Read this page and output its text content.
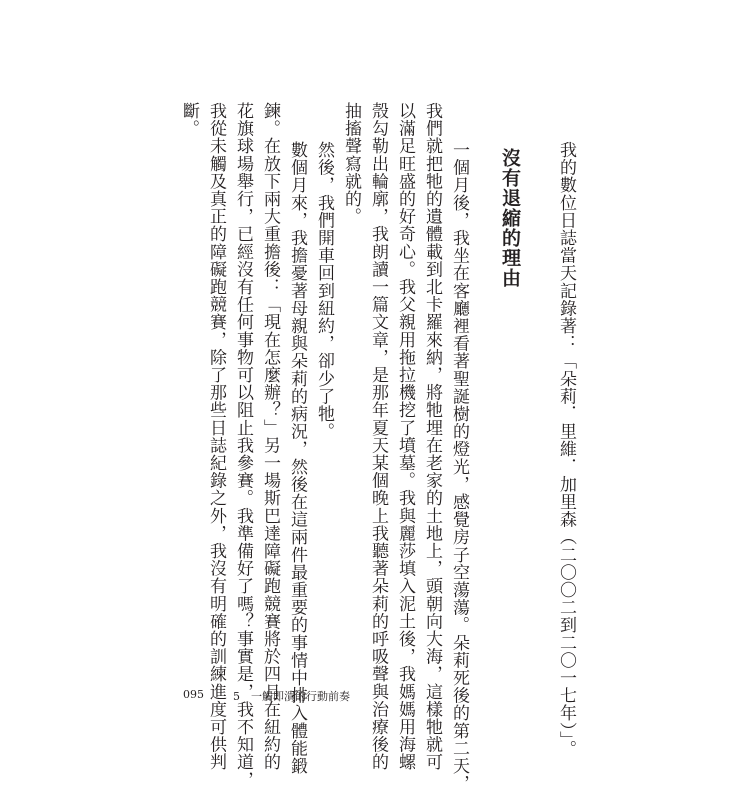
我的數位日誌當天記錄著：「朵莉．里維．加里森（二〇〇二到二〇一七年）」。
沒有退縮的理由
一個月後，我坐在客廳裡看著聖誕樹的燈光，感覺房子空蕩蕩。朵莉死後的第二天，
我們就把牠的遺體載到北卡羅來納，將牠埋在老家的土地上，頭朝向大海，這樣牠就可
以滿足旺盛的好奇心。我父親用拖拉機挖了墳墓。我與麗莎填入泥土後，我媽媽用海螺
殼勾勒出輪廓，我朗讀一篇文章，是那年夏天某個晚上我聽著朵莉的呼吸聲與治療後的
抽搐聲寫就的。
然後，我們開車回到紐約，卻少了牠。
數個月來，我擔憂著母親與朵莉的病況，然後在這兩件最重要的事情中排入體能鍛
鍊。在放下兩大重擔後：「現在怎麼辦？」另一場斯巴達障礙跑競賽將於四月在紐約的
花旗球場舉行，已經沒有任何事物可以阻止我參賽。我準備好了嗎？事實是，我不知道，
我從未觸及真正的障礙跑競賽，除了那些日誌紀錄之外，我沒有明確的訓練進度可供判
斷。
095	5　一觸即潰的行動前奏
